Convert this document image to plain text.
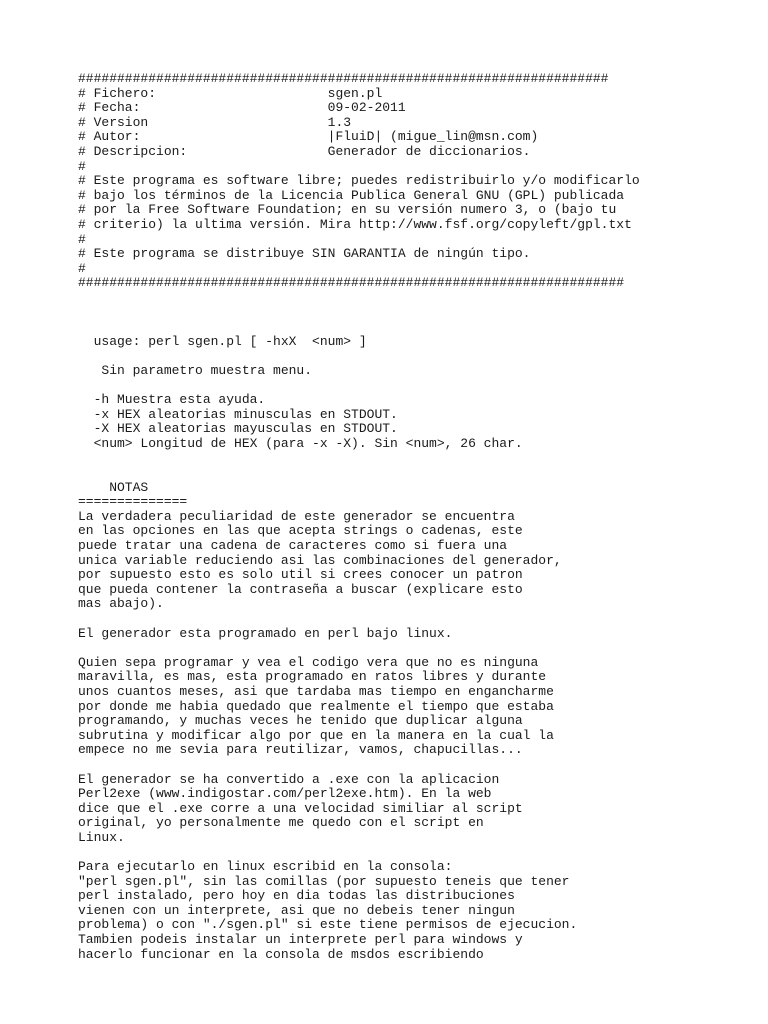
####################################################################
# Fichero:                      sgen.pl
# Fecha:                        09-02-2011
# Version                       1.3
# Autor:                        |FluiD| (migue_lin@msn.com)
# Descripcion:                  Generador de diccionarios.
#
# Este programa es software libre; puedes redistribuirlo y/o modificarlo
# bajo los términos de la Licencia Publica General GNU (GPL) publicada
# por la Free Software Foundation; en su versión numero 3, o (bajo tu
# criterio) la ultima versión. Mira http://www.fsf.org/copyleft/gpl.txt
#
# Este programa se distribuye SIN GARANTIA de ningún tipo.
#
######################################################################
usage: perl sgen.pl [ -hxX  <num> ]
Sin parametro muestra menu.
-h Muestra esta ayuda.
-x HEX aleatorias minusculas en STDOUT.
-X HEX aleatorias mayusculas en STDOUT.
<num> Longitud de HEX (para -x -X). Sin <num>, 26 char.
NOTAS
==============
La verdadera peculiaridad de este generador se encuentra
en las opciones en las que acepta strings o cadenas, este
puede tratar una cadena de caracteres como si fuera una
unica variable reduciendo asi las combinaciones del generador,
por supuesto esto es solo util si crees conocer un patron
que pueda contener la contraseña a buscar (explicare esto
mas abajo).
El generador esta programado en perl bajo linux.
Quien sepa programar y vea el codigo vera que no es ninguna
maravilla, es mas, esta programado en ratos libres y durante
unos cuantos meses, asi que tardaba mas tiempo en engancharme
por donde me habia quedado que realmente el tiempo que estaba
programando, y muchas veces he tenido que duplicar alguna
subrutina y modificar algo por que en la manera en la cual la
empece no me sevia para reutilizar, vamos, chapucillas...
El generador se ha convertido a .exe con la aplicacion
Perl2exe (www.indigostar.com/perl2exe.htm). En la web
dice que el .exe corre a una velocidad similiar al script
original, yo personalmente me quedo con el script en
Linux.
Para ejecutarlo en linux escribid en la consola:
"perl sgen.pl", sin las comillas (por supuesto teneis que tener
perl instalado, pero hoy en dia todas las distribuciones
vienen con un interprete, asi que no debeis tener ningun
problema) o con "./sgen.pl" si este tiene permisos de ejecucion.
Tambien podeis instalar un interprete perl para windows y
hacerlo funcionar en la consola de msdos escribiendo
